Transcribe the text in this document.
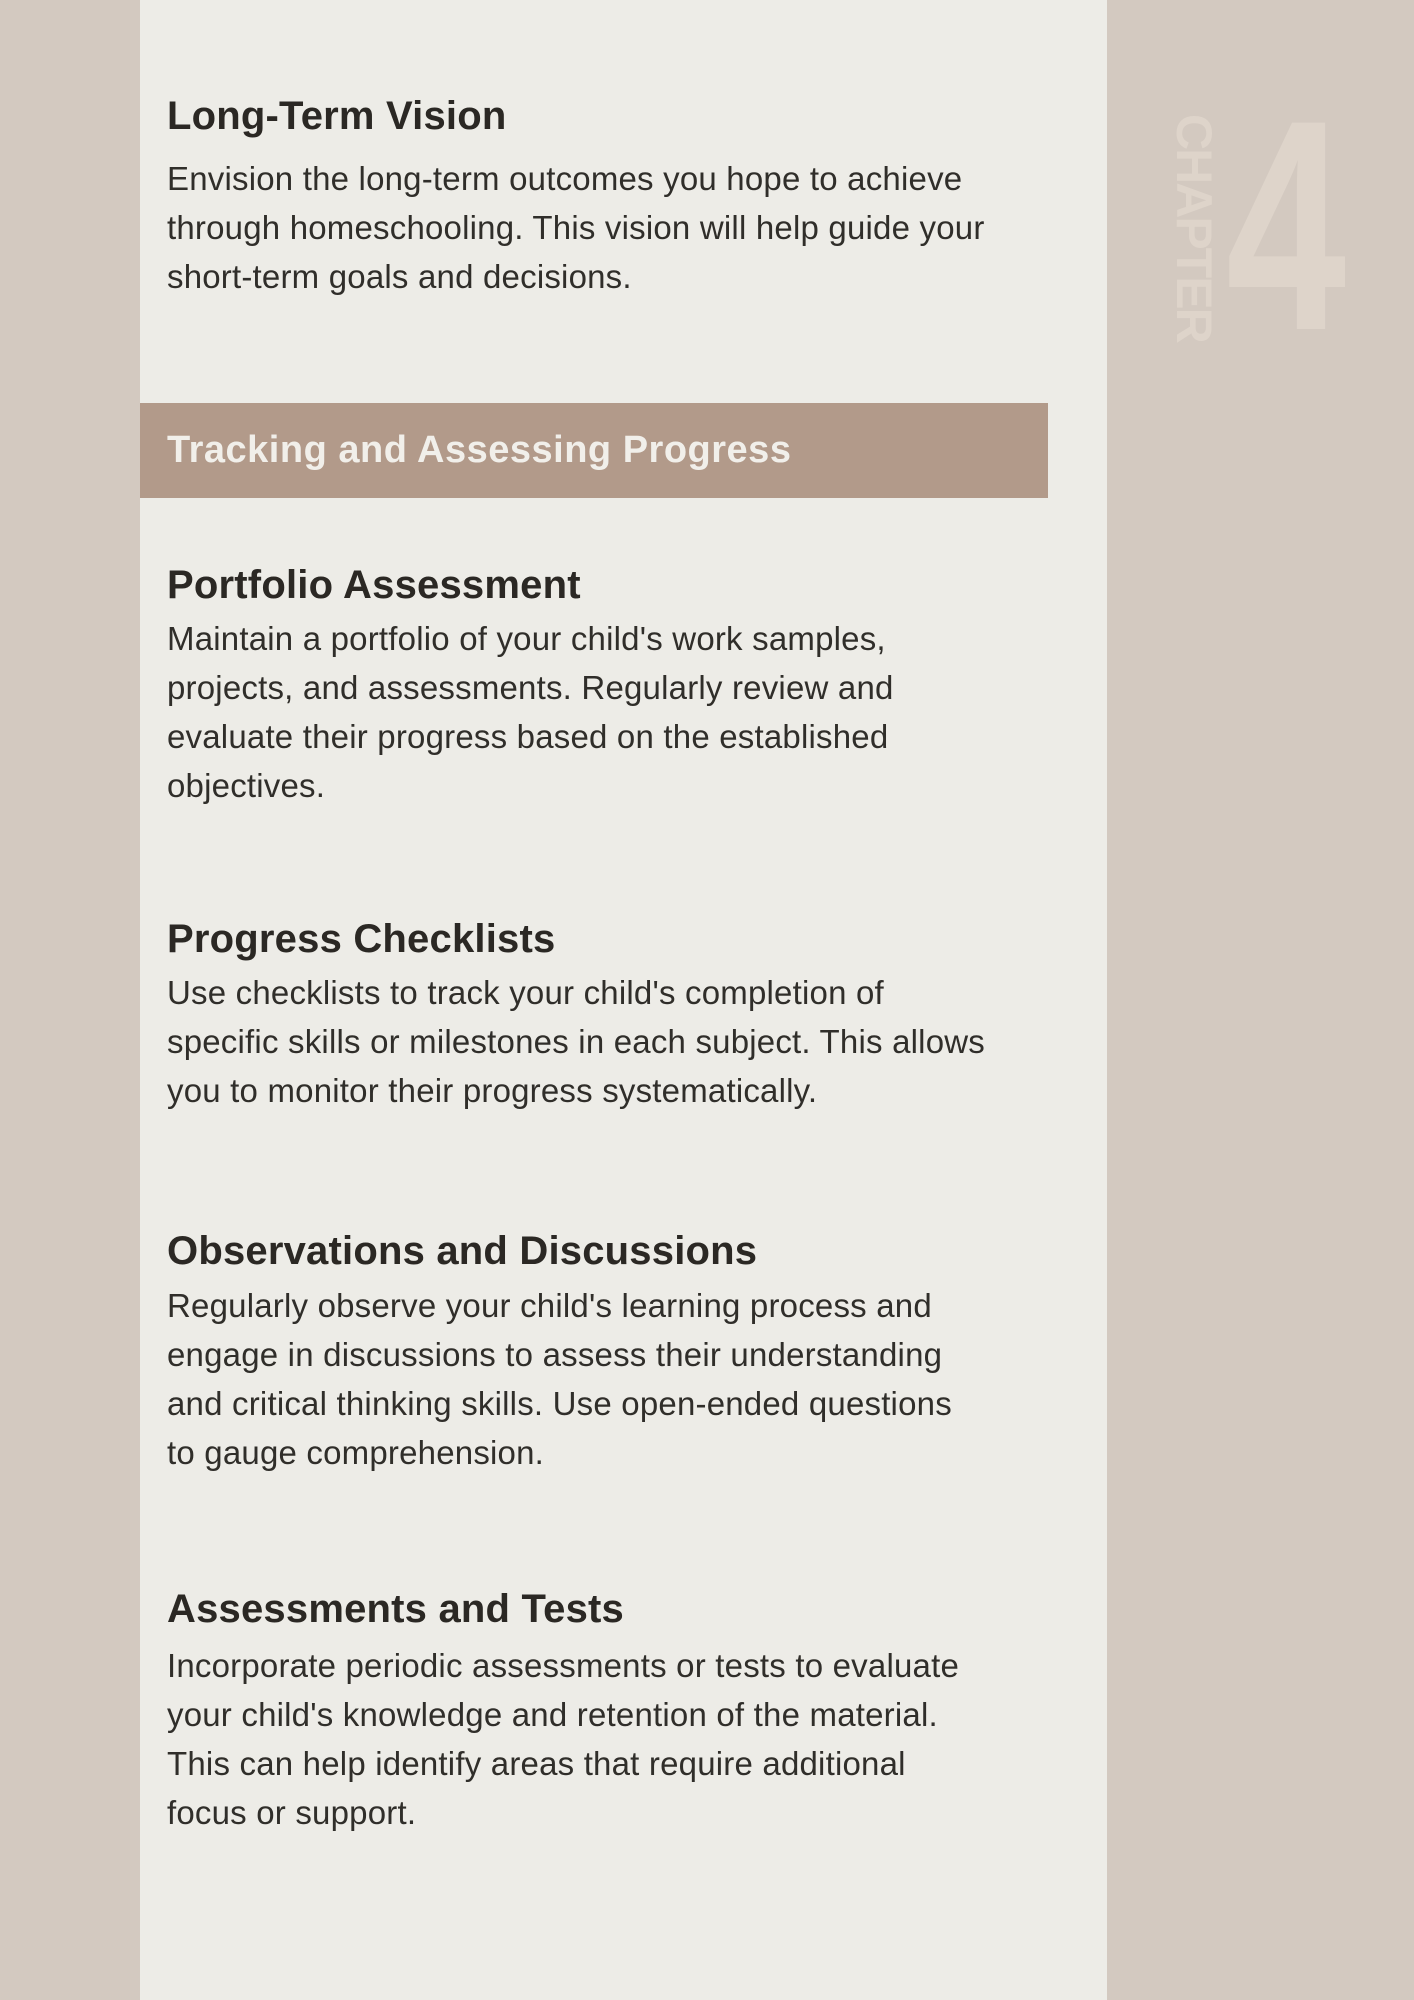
Long-Term Vision

Envision the long-term outcomes you hope to achieve
through homeschooling. This vision will help guide your
short-term goals and decisions.

Tracking and Assessing Progress
Portfolio Assessment

Maintain a portfolio of your child's work samples,
projects, and assessments. Regularly review and
evaluate their progress based on the established
objectives.

Progress Checklists

Use checklists to track your child's completion of
specific skills or milestones in each subject. This allows
you to monitor their progress systematically.

Observations and Discussions

Regularly observe your child's learning process and
engage in discussions to assess their understanding
and critical thinking skills. Use open-ended questions
to gauge comprehension.

Assessments and Tests

Incorporate periodic assessments or tests to evaluate
your child's knowledge and retention of the material.
This can help identify areas that require additional
focus or support.

CHAPTER 4
